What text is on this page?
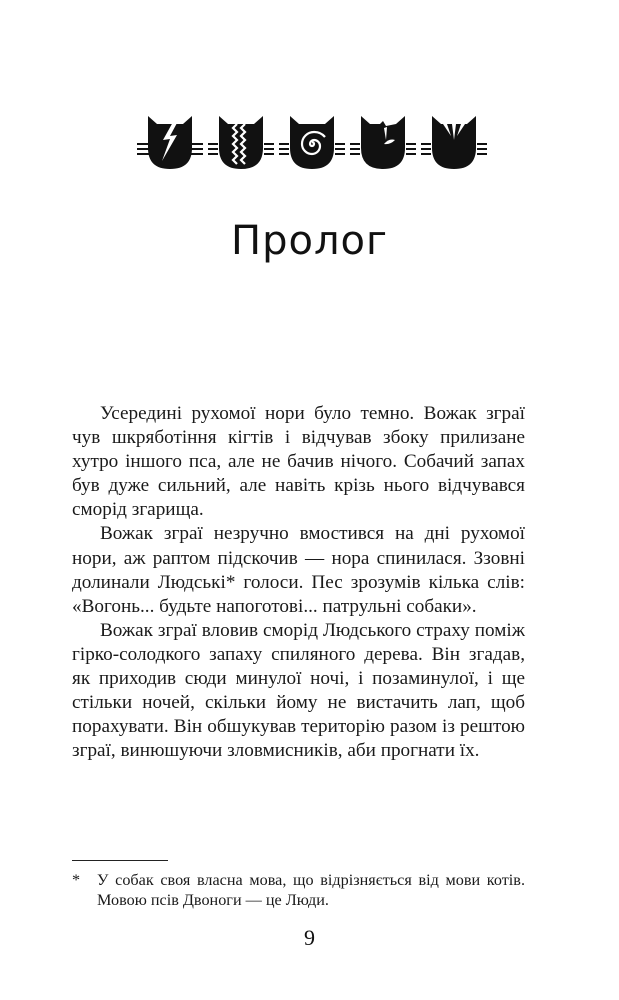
Пролог

Усередині рухомої нори було темно. Вожак зграї чув шкряботіння кігтів і відчував збоку прилизане хутро іншого пса, але не бачив нічого. Собачий запах був дуже сильний, але навіть крізь нього відчувався сморід згарища.

Вожак зграї незручно вмостився на дні рухомої нори, аж раптом підскочив — нора спинилася. Ззовні долинали Людські* голоси. Пес зрозумів кілька слів: «Вогонь... будьте напоготові... патрульні собаки».

Вожак зграї вловив сморід Людського страху поміж гірко-солодкого запаху спиляного дерева. Він згадав, як приходив сюди минулої ночі, і позаминулої, і ще стільки ночей, скільки йому не вистачить лап, щоб порахувати. Він обшукував територію разом із рештою зграї, винюшуючи зловмисників, аби прогнати їх.

* У собак своя власна мова, що відрізняється від мови котів. Мовою псів Двоноги — це Люди.
9
